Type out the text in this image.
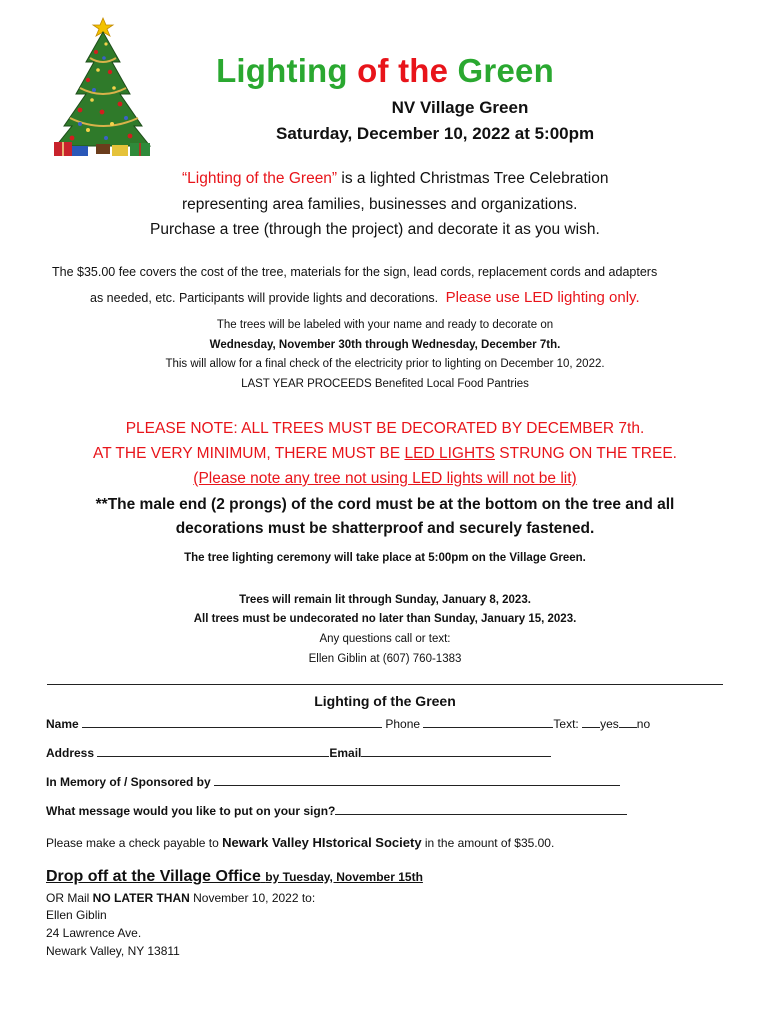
Lighting of the Green
NV Village Green
Saturday, December 10, 2022 at 5:00pm
“Lighting of the Green” is a lighted Christmas Tree Celebration
representing area families, businesses and organizations.
Purchase a tree (through the project) and decorate it as you wish.
The $35.00 fee covers the cost of the tree, materials for the sign, lead cords, replacement cords and adapters
as needed, etc. Participants will provide lights and decorations. Please use LED lighting only.
The trees will be labeled with your name and ready to decorate on
Wednesday, November 30th through Wednesday, December 7th.
This will allow for a final check of the electricity prior to lighting on December 10, 2022.
LAST YEAR PROCEEDS Benefited Local Food Pantries
PLEASE NOTE: ALL TREES MUST BE DECORATED BY DECEMBER 7th.
AT THE VERY MINIMUM, THERE MUST BE LED LIGHTS STRUNG ON THE TREE.
(Please note any tree not using LED lights will not be lit)
**The male end (2 prongs) of the cord must be at the bottom on the tree and all
decorations must be shatterproof and securely fastened.
The tree lighting ceremony will take place at 5:00pm on the Village Green.
Trees will remain lit through Sunday, January 8, 2023.
All trees must be undecorated no later than Sunday, January 15, 2023.
Any questions call or text:
Ellen Giblin at (607) 760-1383
Lighting of the Green
Name	Phone	Text: yes no
Address	Email
In Memory of / Sponsored by
What message would you like to put on your sign?
Please make a check payable to Newark Valley HIstorical Society in the amount of $35.00.
Drop off at the Village Office by Tuesday, November 15th
OR Mail NO LATER THAN November 10, 2022 to:
Ellen Giblin
24 Lawrence Ave.
Newark Valley, NY 13811
